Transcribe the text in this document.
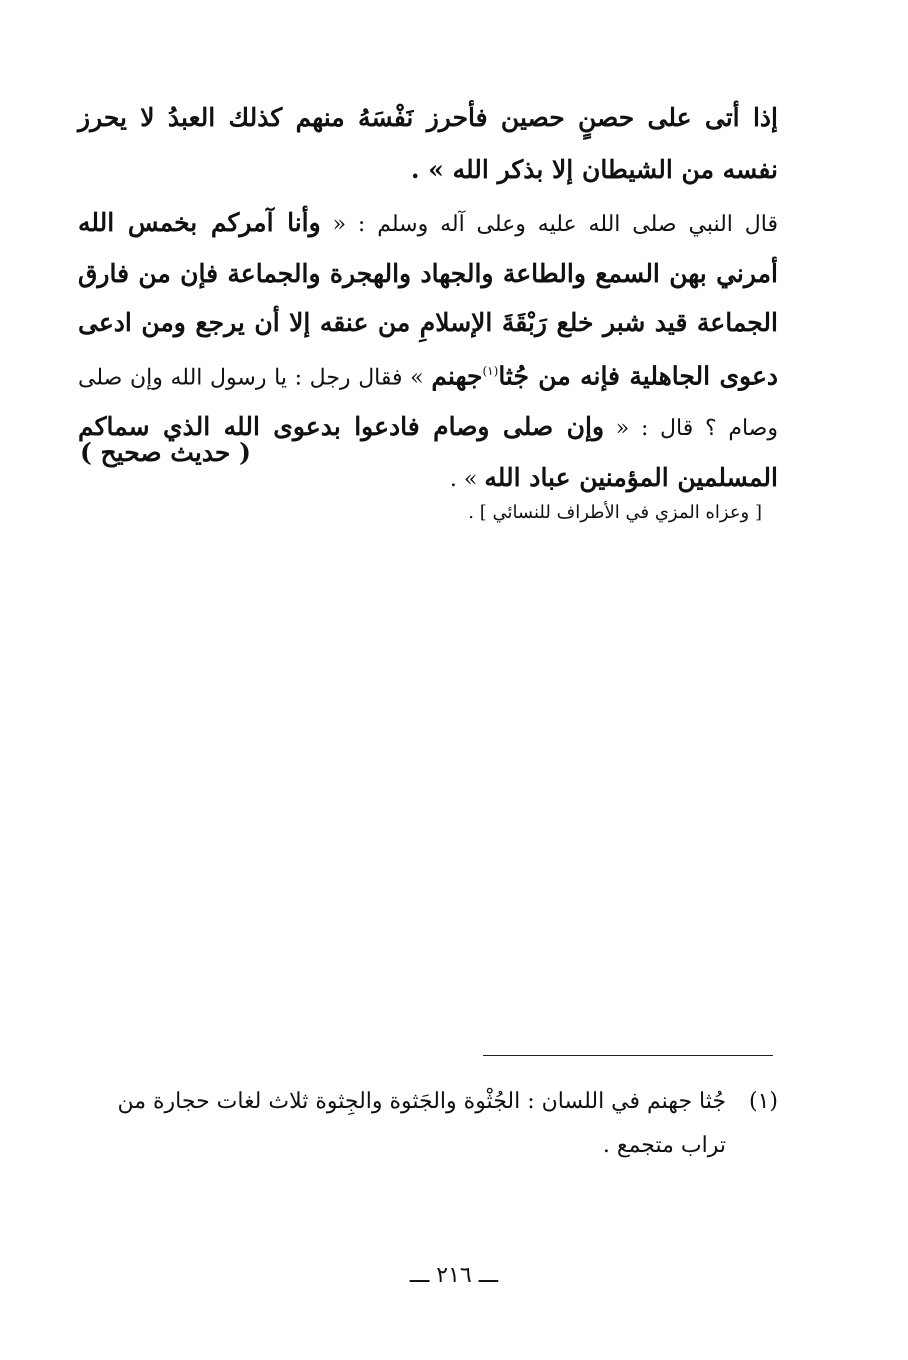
إذا أتى على حصنٍ حصين فأحرز نَفْسَهُ منهم كذلك العبدُ لا يحرز نفسه من الشيطان إلا بذكر الله » .

قال النبي صلى الله عليه وعلى آله وسلم : « وأنا آمركم بخمس الله أمرني بهن السمع والطاعة والجهاد والهجرة والجماعة فإن من فارق الجماعة قيد شبر خلع رَبْقَةَ الإسلامِ من عنقه إلا أن يرجع ومن ادعى دعوى الجاهلية فإنه من جُثا$^{(١)}$جهنم » فقال رجل : يا رسول الله وإن صلى وصام ؟ قال : « وإن صلى وصام فادعوا بدعوى الله الذي سماكم المسلمين المؤمنين عباد الله » .

( حديث صحيح )
[ وعزاه المزي في الأطراف للنسائي ] .
(١)جُثا جهنم في اللسان : الجُثْوة والجَثوة والجِثوة ثلاث لغات حجارة من
تراب متجمع .
ـــ ٢١٦ ـــ
